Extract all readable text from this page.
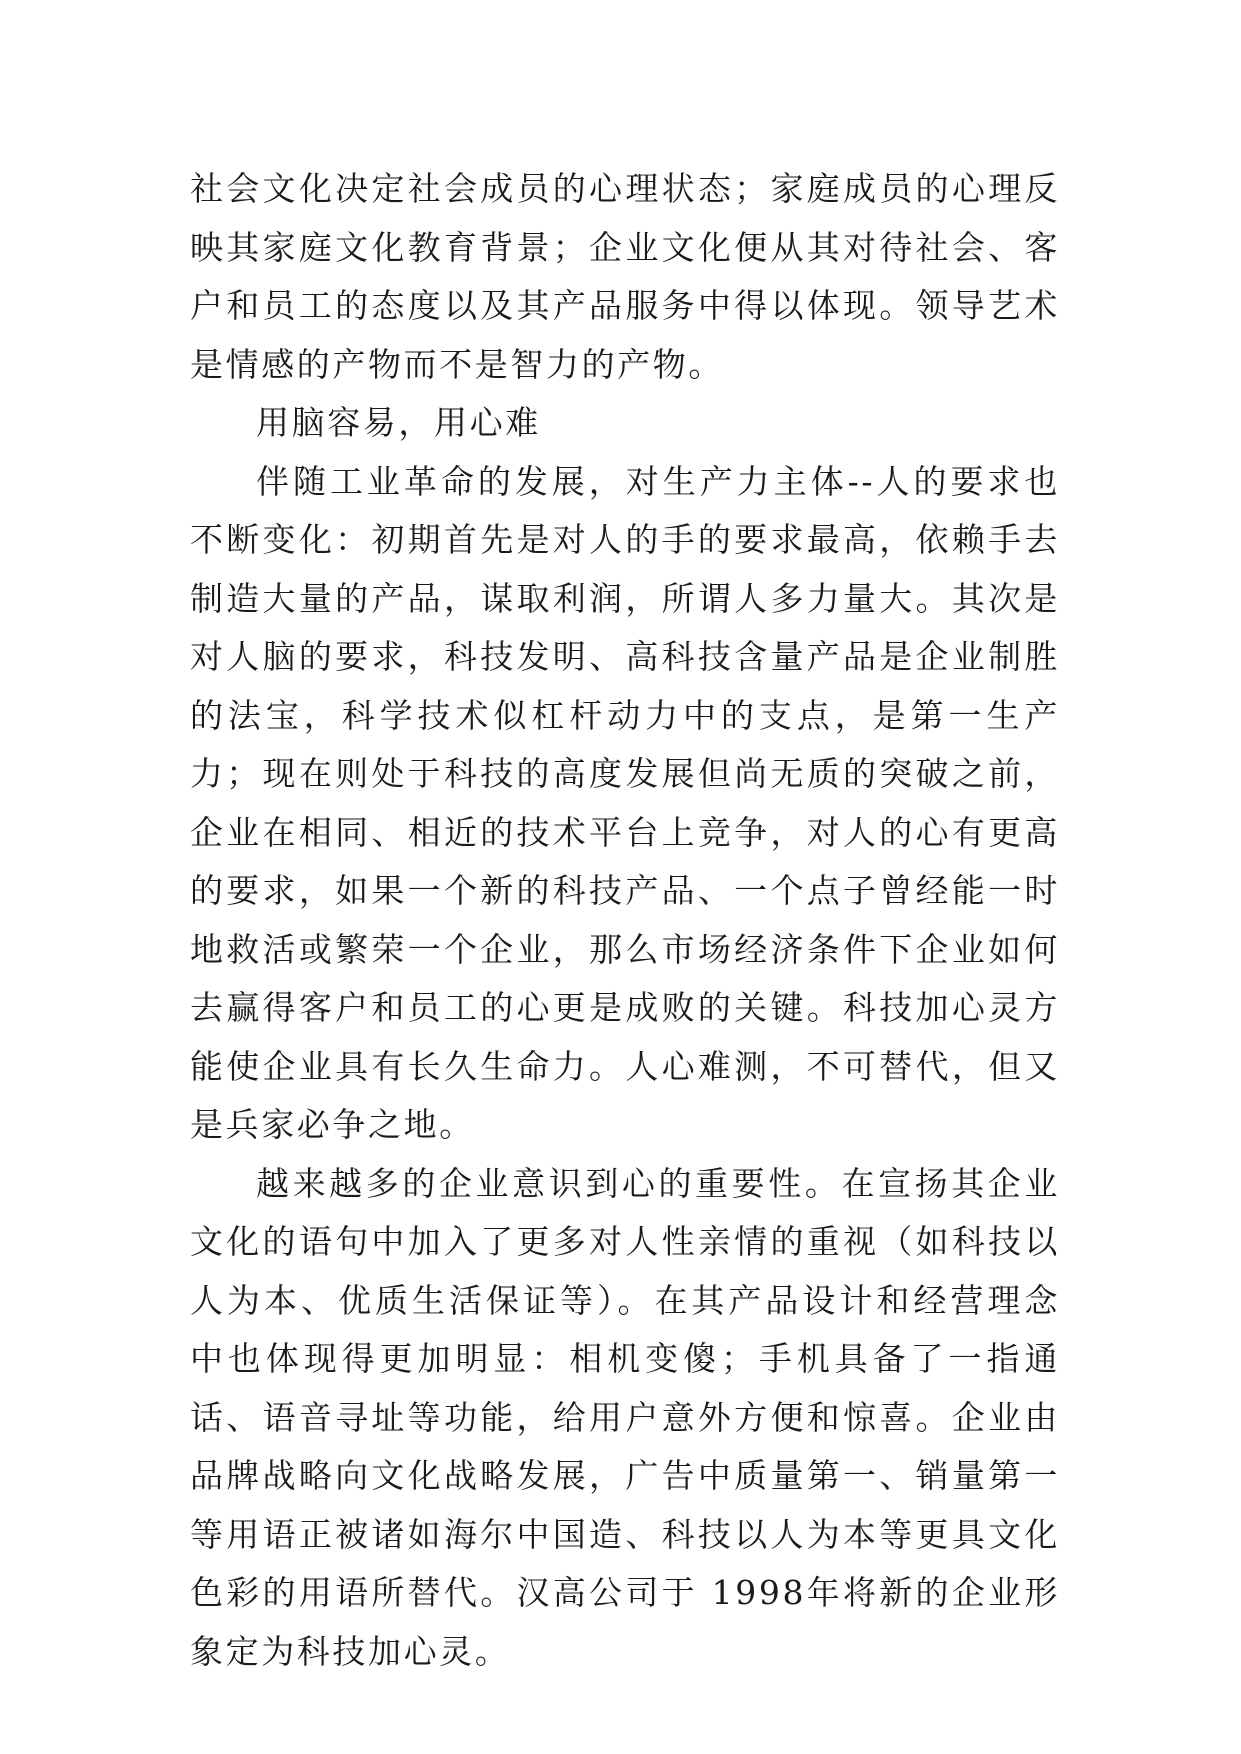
社会文化决定社会成员的心理状态；家庭成员的心理反映其家庭文化教育背景；企业文化便从其对待社会、客户和员工的态度以及其产品服务中得以体现。领导艺术是情感的产物而不是智力的产物。

用脑容易，用心难

伴随工业革命的发展，对生产力主体--人的要求也不断变化：初期首先是对人的手的要求最高，依赖手去制造大量的产品，谋取利润，所谓人多力量大。其次是对人脑的要求，科技发明、高科技含量产品是企业制胜的法宝，科学技术似杠杆动力中的支点，是第一生产力；现在则处于科技的高度发展但尚无质的突破之前，企业在相同、相近的技术平台上竞争，对人的心有更高的要求，如果一个新的科技产品、一个点子曾经能一时地救活或繁荣一个企业，那么市场经济条件下企业如何去赢得客户和员工的心更是成败的关键。科技加心灵方能使企业具有长久生命力。人心难测，不可替代，但又是兵家必争之地。

越来越多的企业意识到心的重要性。在宣扬其企业文化的语句中加入了更多对人性亲情的重视（如科技以人为本、优质生活保证等）。在其产品设计和经营理念中也体现得更加明显：相机变傻；手机具备了一指通话、语音寻址等功能，给用户意外方便和惊喜。企业由品牌战略向文化战略发展，广告中质量第一、销量第一等用语正被诸如海尔中国造、科技以人为本等更具文化色彩的用语所替代。汉高公司于 1998年将新的企业形象定为科技加心灵。
